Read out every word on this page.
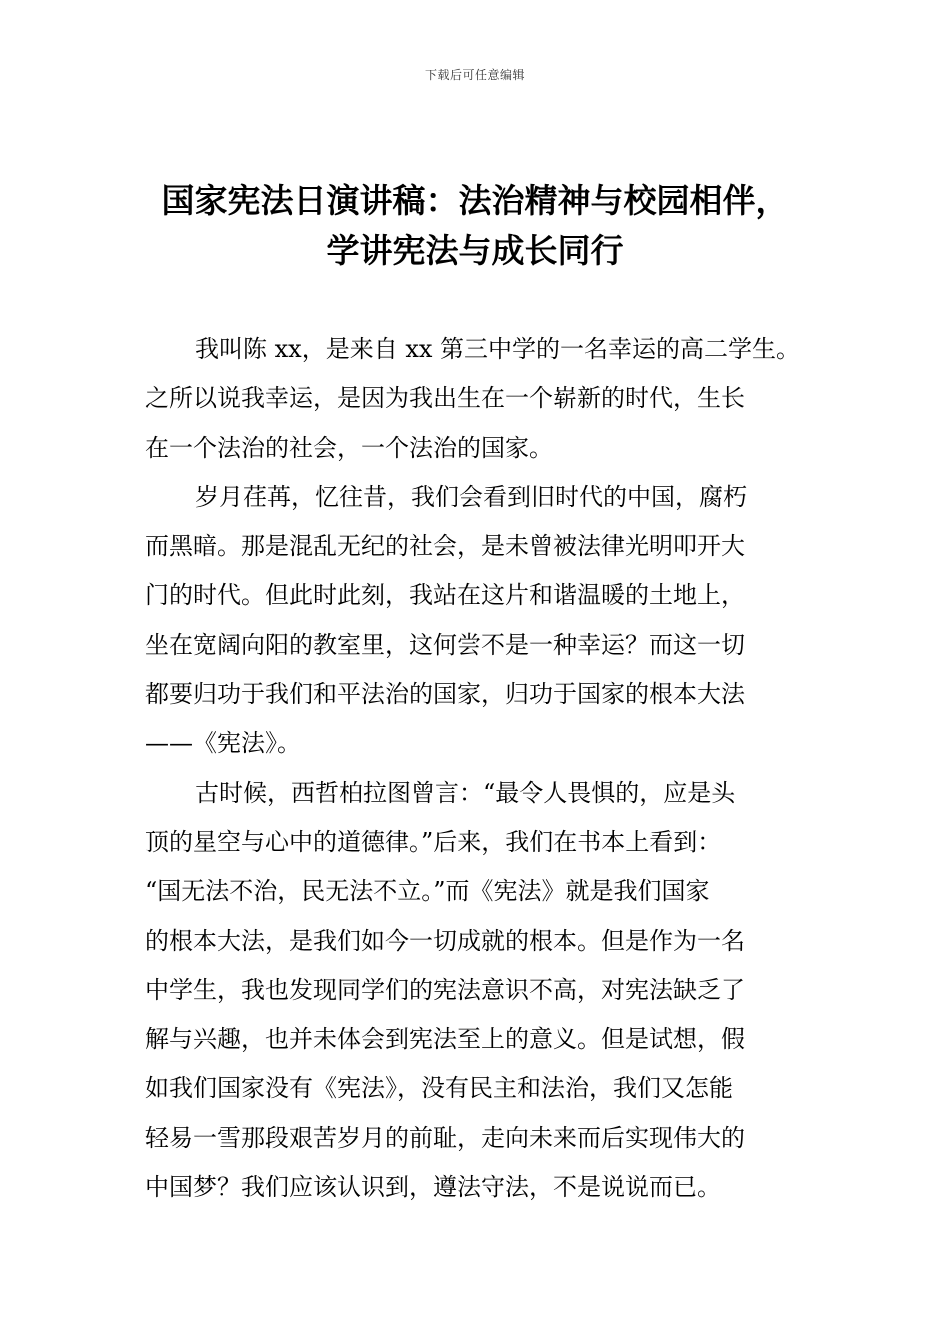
下载后可任意编辑
国家宪法日演讲稿：法治精神与校园相伴，
学讲宪法与成长同行

我叫陈 xx，是来自 xx 第三中学的一名幸运的高二学生。
之所以说我幸运，是因为我出生在一个崭新的时代，生长
在一个法治的社会，一个法治的国家。

岁月荏苒，忆往昔，我们会看到旧时代的中国，腐朽
而黑暗。那是混乱无纪的社会，是未曾被法律光明叩开大
门的时代。但此时此刻，我站在这片和谐温暖的土地上，
坐在宽阔向阳的教室里，这何尝不是一种幸运？而这一切
都要归功于我们和平法治的国家，归功于国家的根本大法
——《宪法》。

古时候，西哲柏拉图曾言：“最令人畏惧的，应是头
顶的星空与心中的道德律。”后来，我们在书本上看到：
“国无法不治，民无法不立。”而《宪法》就是我们国家
的根本大法，是我们如今一切成就的根本。但是作为一名
中学生，我也发现同学们的宪法意识不高，对宪法缺乏了
解与兴趣，也并未体会到宪法至上的意义。但是试想，假
如我们国家没有《宪法》，没有民主和法治，我们又怎能
轻易一雪那段艰苦岁月的前耻，走向未来而后实现伟大的
中国梦？我们应该认识到，遵法守法，不是说说而已。
